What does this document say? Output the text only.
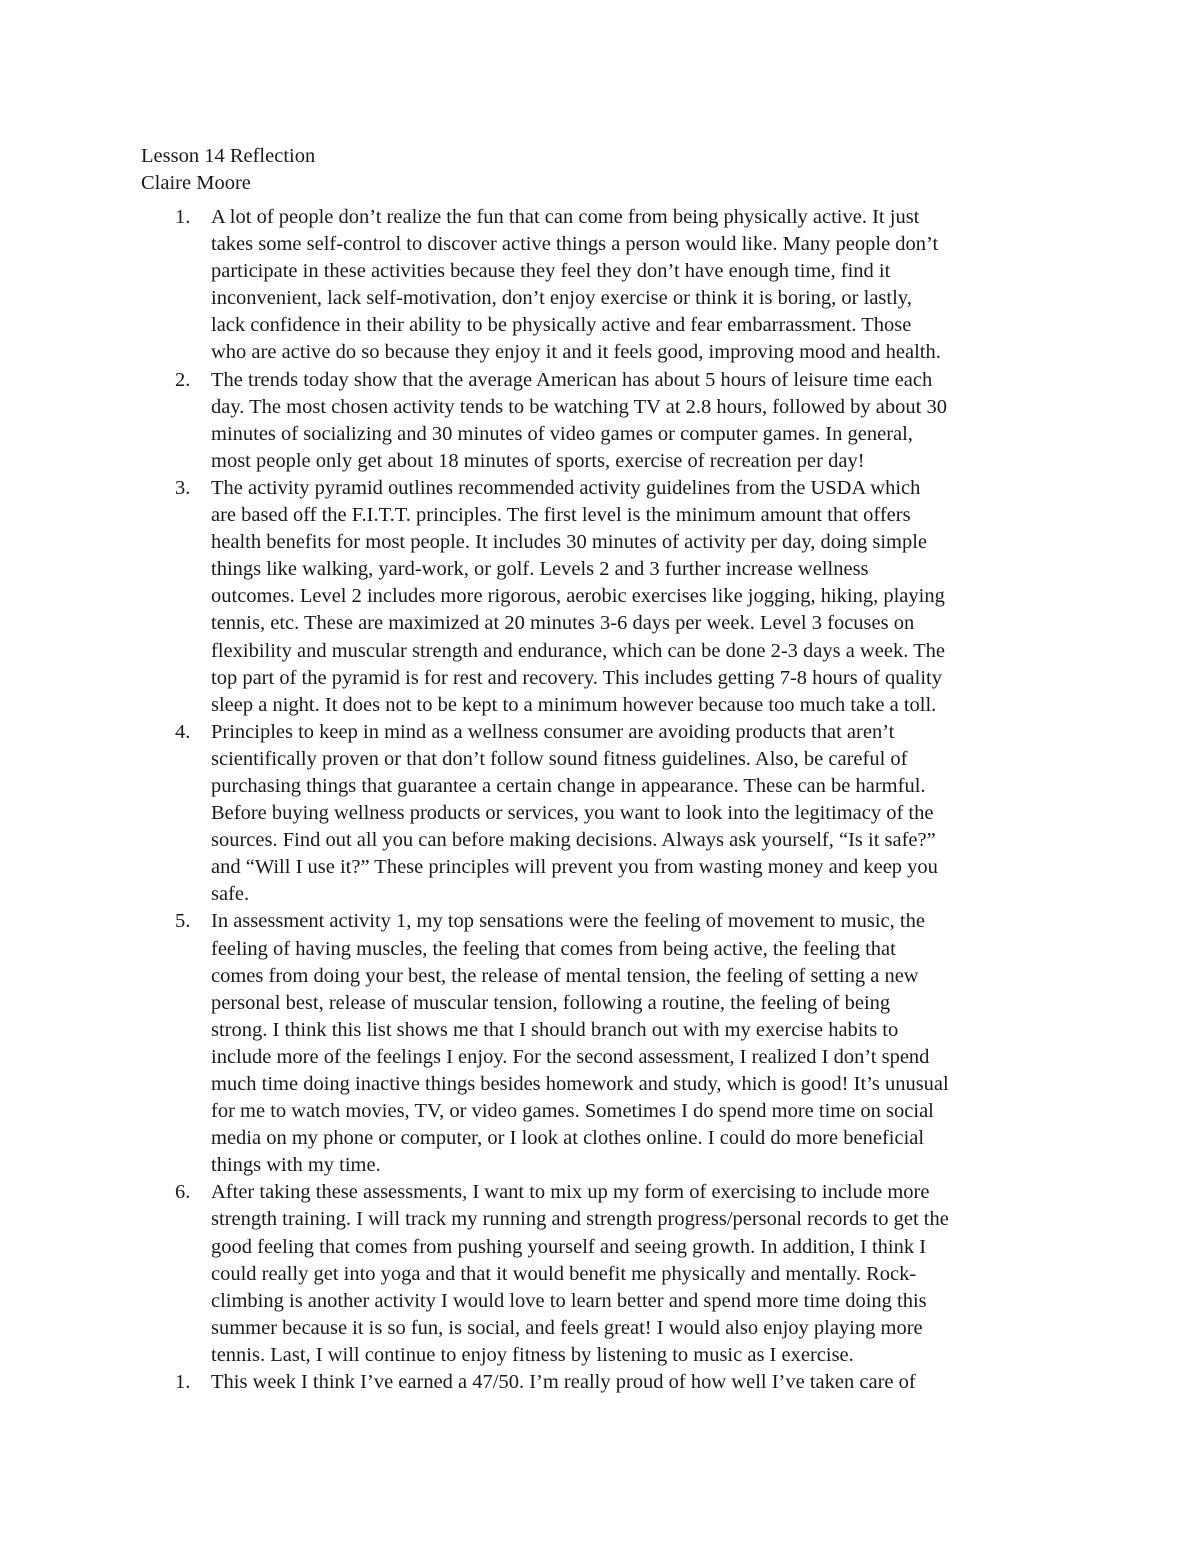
Lesson 14 Reflection
Claire Moore
1. A lot of people don’t realize the fun that can come from being physically active. It just
takes some self-control to discover active things a person would like. Many people don’t
participate in these activities because they feel they don’t have enough time, find it
inconvenient, lack self-motivation, don’t enjoy exercise or think it is boring, or lastly,
lack confidence in their ability to be physically active and fear embarrassment. Those
who are active do so because they enjoy it and it feels good, improving mood and health.
2. The trends today show that the average American has about 5 hours of leisure time each
day. The most chosen activity tends to be watching TV at 2.8 hours, followed by about 30
minutes of socializing and 30 minutes of video games or computer games. In general,
most people only get about 18 minutes of sports, exercise of recreation per day!
3. The activity pyramid outlines recommended activity guidelines from the USDA which
are based off the F.I.T.T. principles. The first level is the minimum amount that offers
health benefits for most people. It includes 30 minutes of activity per day, doing simple
things like walking, yard-work, or golf. Levels 2 and 3 further increase wellness
outcomes. Level 2 includes more rigorous, aerobic exercises like jogging, hiking, playing
tennis, etc. These are maximized at 20 minutes 3-6 days per week. Level 3 focuses on
flexibility and muscular strength and endurance, which can be done 2-3 days a week. The
top part of the pyramid is for rest and recovery. This includes getting 7-8 hours of quality
sleep a night. It does not to be kept to a minimum however because too much take a toll.
4. Principles to keep in mind as a wellness consumer are avoiding products that aren’t
scientifically proven or that don’t follow sound fitness guidelines. Also, be careful of
purchasing things that guarantee a certain change in appearance. These can be harmful.
Before buying wellness products or services, you want to look into the legitimacy of the
sources. Find out all you can before making decisions. Always ask yourself, “Is it safe?”
and “Will I use it?” These principles will prevent you from wasting money and keep you
safe.
5. In assessment activity 1, my top sensations were the feeling of movement to music, the
feeling of having muscles, the feeling that comes from being active, the feeling that
comes from doing your best, the release of mental tension, the feeling of setting a new
personal best, release of muscular tension, following a routine, the feeling of being
strong. I think this list shows me that I should branch out with my exercise habits to
include more of the feelings I enjoy. For the second assessment, I realized I don’t spend
much time doing inactive things besides homework and study, which is good! It’s unusual
for me to watch movies, TV, or video games. Sometimes I do spend more time on social
media on my phone or computer, or I look at clothes online. I could do more beneficial
things with my time.
6. After taking these assessments, I want to mix up my form of exercising to include more
strength training. I will track my running and strength progress/personal records to get the
good feeling that comes from pushing yourself and seeing growth. In addition, I think I
could really get into yoga and that it would benefit me physically and mentally. Rock-
climbing is another activity I would love to learn better and spend more time doing this
summer because it is so fun, is social, and feels great! I would also enjoy playing more
tennis. Last, I will continue to enjoy fitness by listening to music as I exercise.
1. This week I think I’ve earned a 47/50. I’m really proud of how well I’ve taken care of
